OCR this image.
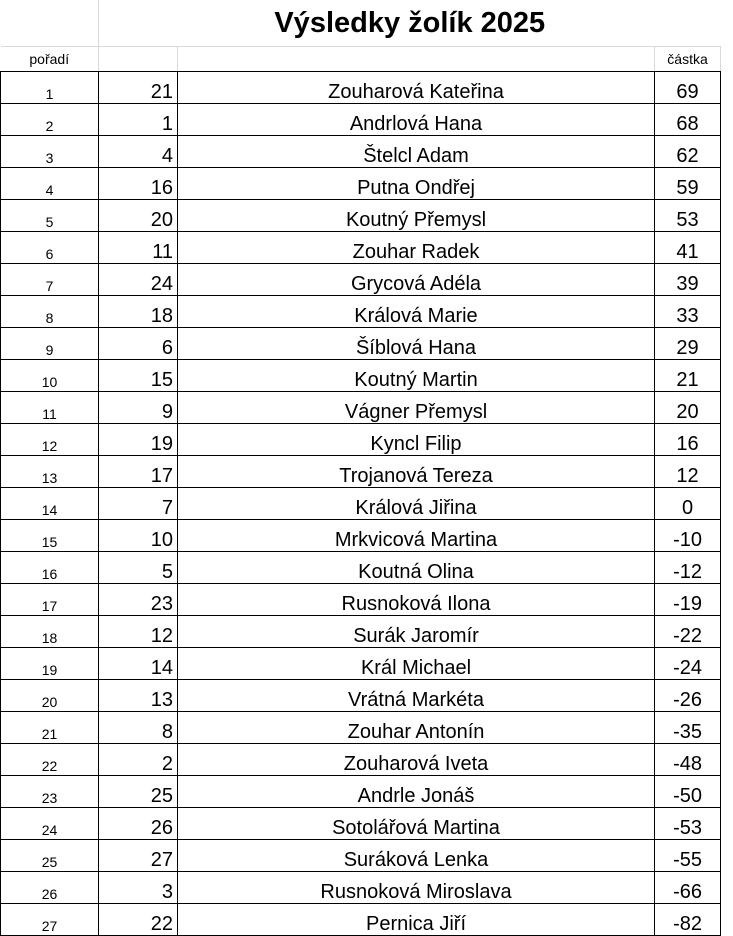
	Výsledky žolík 2025		
pořadí			částka
1	21	Zouharová Kateřina	69
2	1	Andrlová Hana	68
3	4	Štelcl Adam	62
4	16	Putna Ondřej	59
5	20	Koutný Přemysl	53
6	11	Zouhar Radek	41
7	24	Grycová Adéla	39
8	18	Králová Marie	33
9	6	Šíblová Hana	29
10	15	Koutný Martin	21
11	9	Vágner Přemysl	20
12	19	Kyncl Filip	16
13	17	Trojanová Tereza	12
14	7	Králová Jiřina	0
15	10	Mrkvicová Martina	-10
16	5	Koutná Olina	-12
17	23	Rusnoková Ilona	-19
18	12	Surák Jaromír	-22
19	14	Král Michael	-24
20	13	Vrátná Markéta	-26
21	8	Zouhar Antonín	-35
22	2	Zouharová Iveta	-48
23	25	Andrle Jonáš	-50
24	26	Sotolářová Martina	-53
25	27	Suráková Lenka	-55
26	3	Rusnoková Miroslava	-66
27	22	Pernica Jiří	-82
